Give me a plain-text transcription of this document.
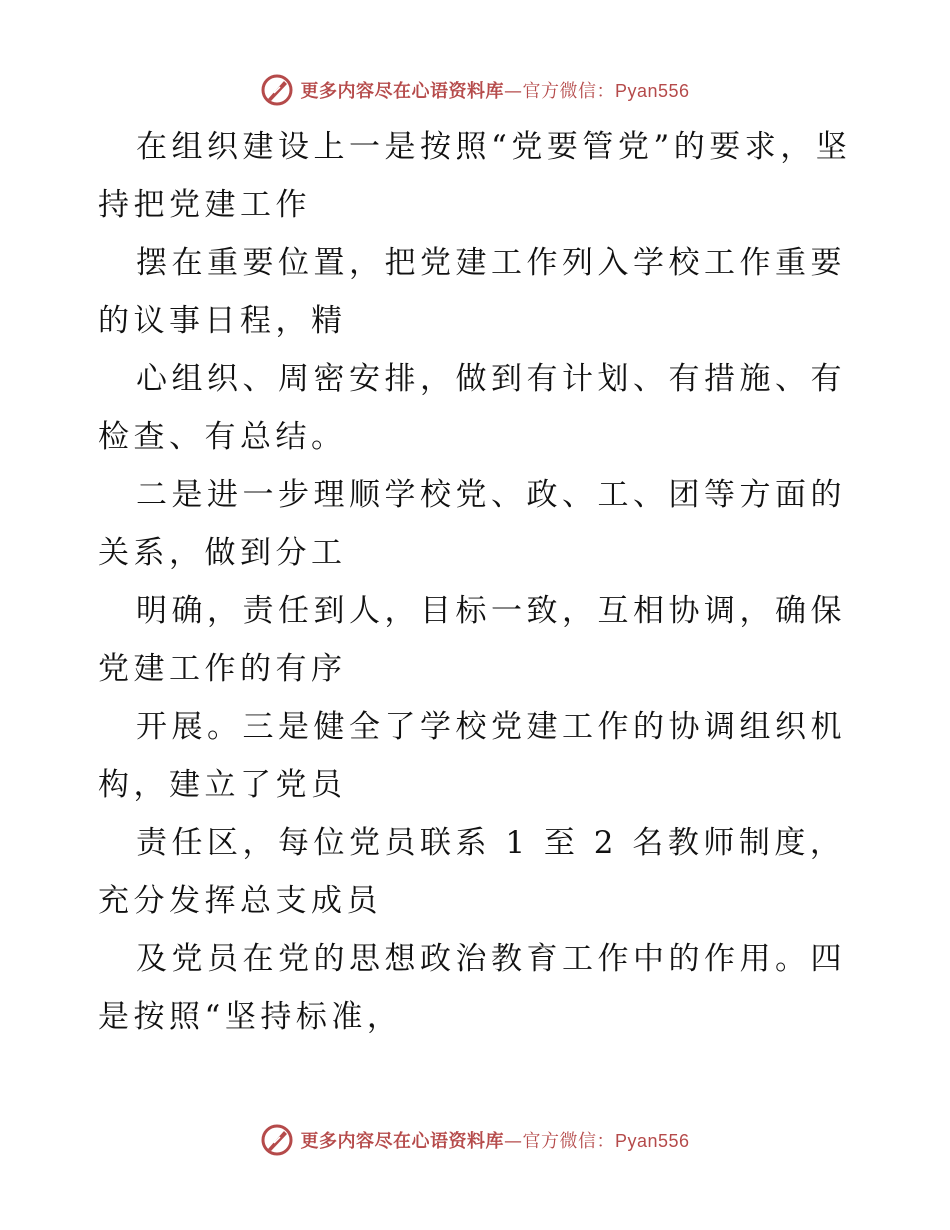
更多内容尽在心语资料库—官方微信：Pyan556

在组织建设上一是按照“党要管党”的要求，坚持把党建工作

摆在重要位置，把党建工作列入学校工作重要的议事日程，精

心组织、周密安排，做到有计划、有措施、有检查、有总结。

二是进一步理顺学校党、政、工、团等方面的关系，做到分工

明确，责任到人，目标一致，互相协调，确保党建工作的有序

开展。三是健全了学校党建工作的协调组织机构，建立了党员

责任区，每位党员联系 1 至 2 名教师制度，充分发挥总支成员

及党员在党的思想政治教育工作中的作用。四是按照“坚持标准，

更多内容尽在心语资料库—官方微信：Pyan556
